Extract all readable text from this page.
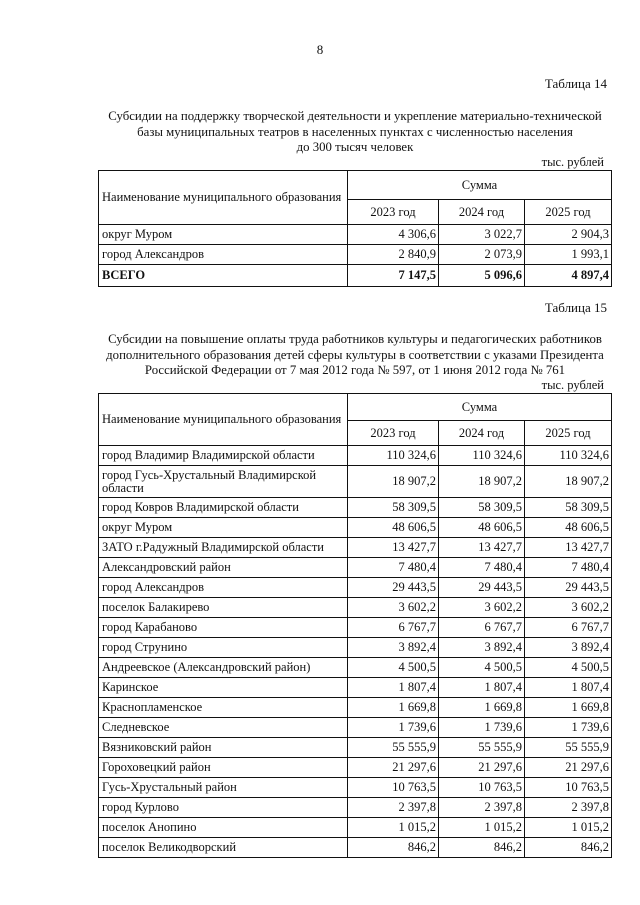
8
Таблица 14
Субсидии на поддержку творческой деятельности и укрепление материально-технической
базы муниципальных театров в населенных пунктах с численностью населения
до 300 тысяч человек
тыс. рублей
Наименование муниципального образования	Сумма		
	2023 год	2024 год	2025 год
округ Муром	4 306,6	3 022,7	2 904,3
город Александров	2 840,9	2 073,9	1 993,1
ВСЕГО	7 147,5	5 096,6	4 897,4
Таблица 15
Субсидии на повышение оплаты труда работников культуры и педагогических работников
дополнительного образования детей сферы культуры в соответствии с указами Президента
Российской Федерации от 7 мая 2012 года № 597, от 1 июня 2012 года № 761
тыс. рублей
Наименование муниципального образования	Сумма		
	2023 год	2024 год	2025 год
город Владимир Владимирской области	110 324,6	110 324,6	110 324,6
город Гусь-Хрустальный Владимирской области	18 907,2	18 907,2	18 907,2
город Ковров Владимирской области	58 309,5	58 309,5	58 309,5
округ Муром	48 606,5	48 606,5	48 606,5
ЗАТО г.Радужный Владимирской области	13 427,7	13 427,7	13 427,7
Александровский район	7 480,4	7 480,4	7 480,4
город Александров	29 443,5	29 443,5	29 443,5
поселок Балакирево	3 602,2	3 602,2	3 602,2
город Карабаново	6 767,7	6 767,7	6 767,7
город Струнино	3 892,4	3 892,4	3 892,4
Андреевское (Александровский район)	4 500,5	4 500,5	4 500,5
Каринское	1 807,4	1 807,4	1 807,4
Краснопламенское	1 669,8	1 669,8	1 669,8
Следневское	1 739,6	1 739,6	1 739,6
Вязниковский район	55 555,9	55 555,9	55 555,9
Гороховецкий район	21 297,6	21 297,6	21 297,6
Гусь-Хрустальный район	10 763,5	10 763,5	10 763,5
город Курлово	2 397,8	2 397,8	2 397,8
поселок Анопино	1 015,2	1 015,2	1 015,2
поселок Великодворский	846,2	846,2	846,2
